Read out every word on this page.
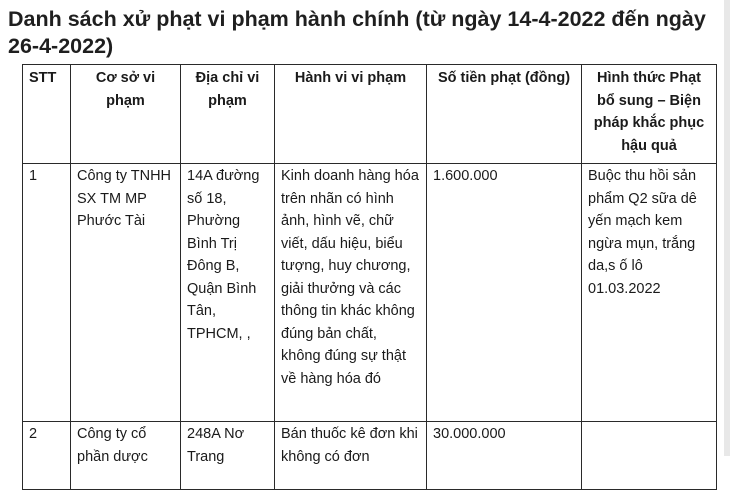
Danh sách xử phạt vi phạm hành chính (từ ngày 14-4-2022 đến ngày 26-4-2022)
STT	Cơ sở vi phạm	Địa chỉ vi phạm	Hành vi vi phạm	Số tiền phạt (đồng)	Hình thức Phạt bổ sung – Biện pháp khắc phục hậu quả
1	Công ty TNHH SX TM MP Phước Tài	14A đường số 18, Phường Bình Trị Đông B, Quận Bình Tân, TPHCM, ,	Kinh doanh hàng hóa trên nhãn có hình ảnh, hình vẽ, chữ viết, dấu hiệu, biểu tượng, huy chương, giải thưởng và các thông tin khác không đúng bản chất, không đúng sự thật về hàng hóa đó	1.600.000	Buộc thu hồi sản phẩm Q2 sữa dê yến mạch kem ngừa mụn, trắng da,s ố lô 01.03.2022
2	Công ty cổ phần dược	248A Nơ Trang	Bán thuốc kê đơn khi không có đơn	30.000.000	
